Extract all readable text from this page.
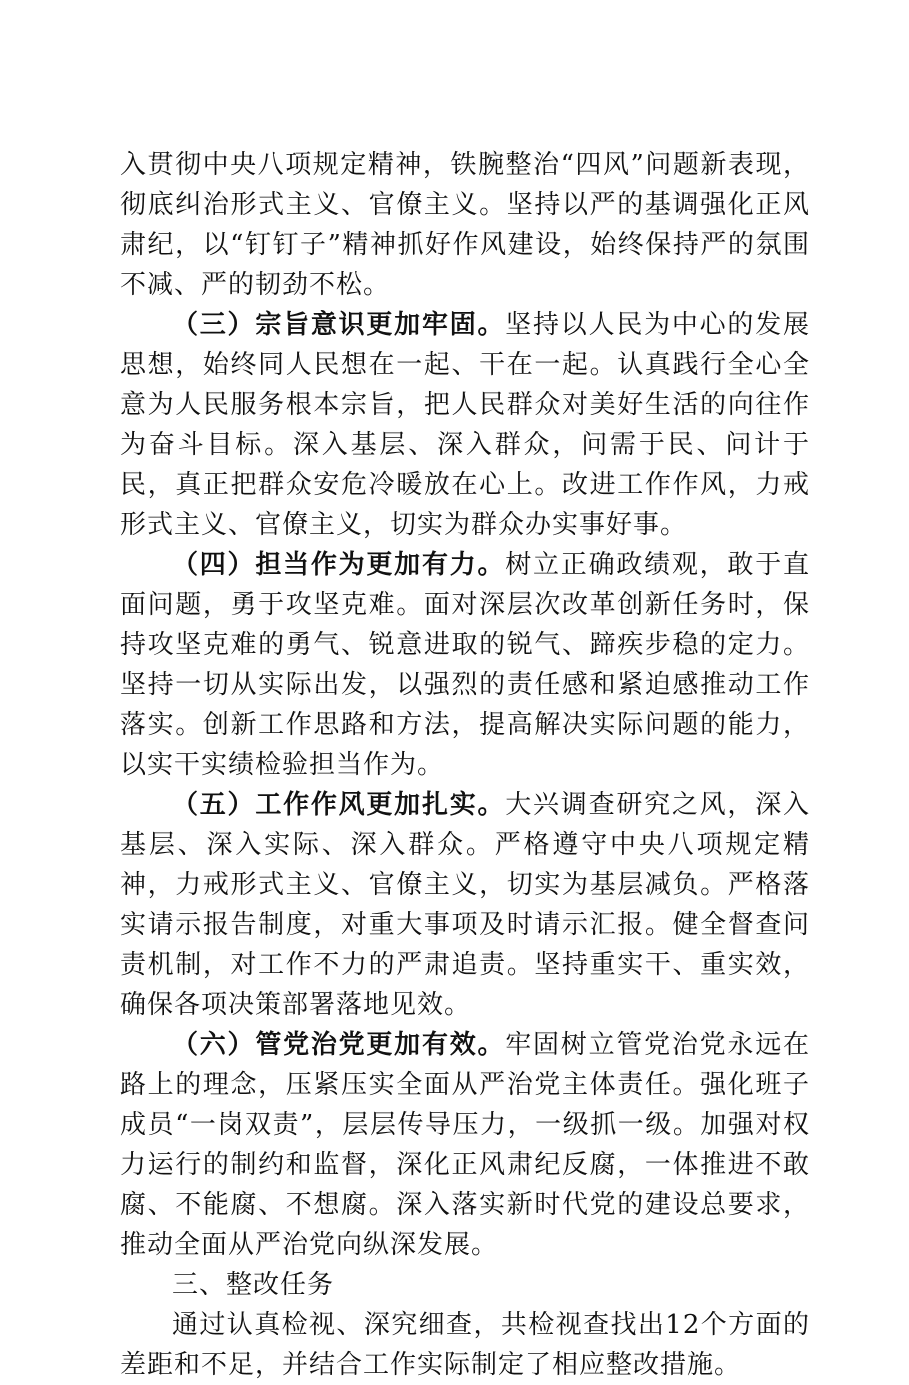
入贯彻中央八项规定精神，铁腕整治“四风”问题新表现，彻底纠治形式主义、官僚主义。坚持以严的基调强化正风肃纪，以“钉钉子”精神抓好作风建设，始终保持严的氛围不减、严的韧劲不松。

（三）宗旨意识更加牢固。坚持以人民为中心的发展思想，始终同人民想在一起、干在一起。认真践行全心全意为人民服务根本宗旨，把人民群众对美好生活的向往作为奋斗目标。深入基层、深入群众，问需于民、问计于民，真正把群众安危冷暖放在心上。改进工作作风，力戒形式主义、官僚主义，切实为群众办实事好事。

（四）担当作为更加有力。树立正确政绩观，敢于直面问题，勇于攻坚克难。面对深层次改革创新任务时，保持攻坚克难的勇气、锐意进取的锐气、蹄疾步稳的定力。坚持一切从实际出发，以强烈的责任感和紧迫感推动工作落实。创新工作思路和方法，提高解决实际问题的能力，以实干实绩检验担当作为。

（五）工作作风更加扎实。大兴调查研究之风，深入基层、深入实际、深入群众。严格遵守中央八项规定精神，力戒形式主义、官僚主义，切实为基层减负。严格落实请示报告制度，对重大事项及时请示汇报。健全督查问责机制，对工作不力的严肃追责。坚持重实干、重实效，确保各项决策部署落地见效。

（六）管党治党更加有效。牢固树立管党治党永远在路上的理念，压紧压实全面从严治党主体责任。强化班子成员“一岗双责”，层层传导压力，一级抓一级。加强对权力运行的制约和监督，深化正风肃纪反腐，一体推进不敢腐、不能腐、不想腐。深入落实新时代党的建设总要求，推动全面从严治党向纵深发展。

三、整改任务

通过认真检视、深究细查，共检视查找出12个方面的差距和不足，并结合工作实际制定了相应整改措施。
